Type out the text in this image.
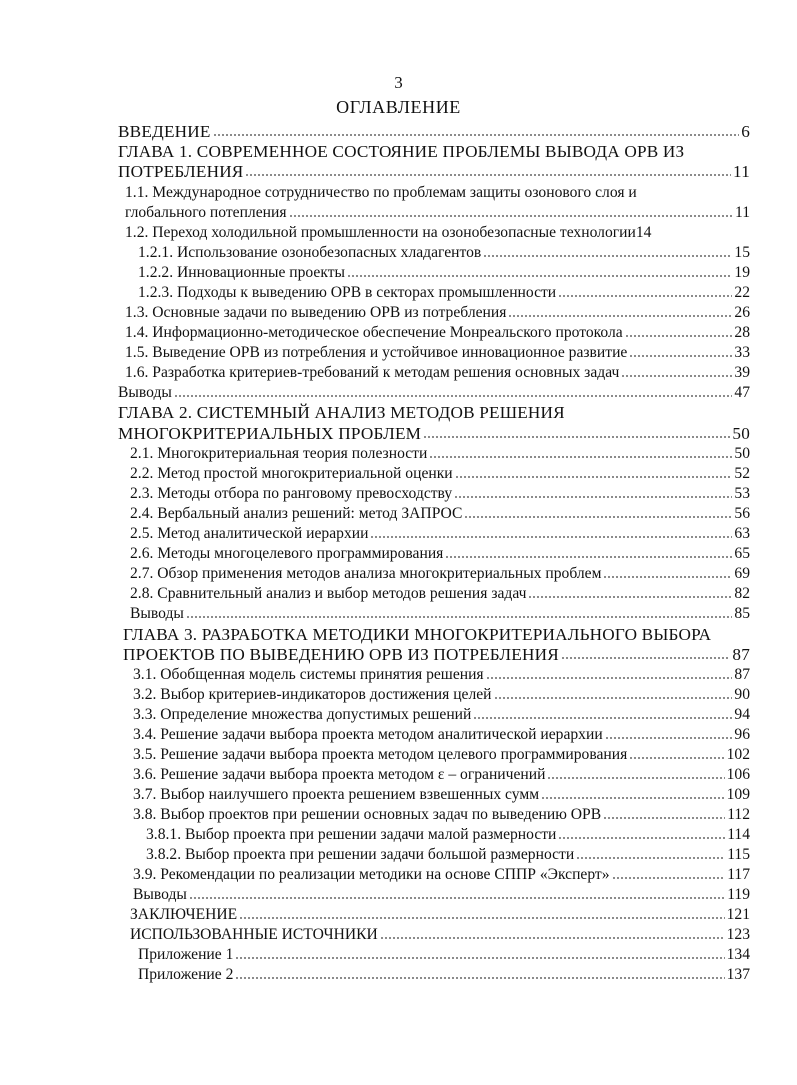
3
ОГЛАВЛЕНИЕ
ВВЕДЕНИЕ	6
ГЛАВА 1. СОВРЕМЕННОЕ СОСТОЯНИЕ ПРОБЛЕМЫ ВЫВОДА ОРВ ИЗ
ПОТРЕБЛЕНИЯ	11
1.1. Международное сотрудничество по проблемам защиты озонового слоя и
глобального потепления	11
1.2. Переход холодильной промышленности на озонобезопасные технологии 14
1.2.1. Использование озонобезопасных хладагентов	15
1.2.2. Инновационные проекты	19
1.2.3. Подходы к выведению ОРВ в секторах промышленности	22
1.3. Основные задачи по выведению ОРВ из потребления	26
1.4. Информационно-методическое обеспечение Монреальского протокола	28
1.5. Выведение ОРВ из потребления и устойчивое инновационное развитие	33
1.6. Разработка критериев-требований к методам решения основных задач	39
Выводы	47
ГЛАВА 2. СИСТЕМНЫЙ АНАЛИЗ МЕТОДОВ РЕШЕНИЯ
МНОГОКРИТЕРИАЛЬНЫХ ПРОБЛЕМ	50
2.1. Многокритериальная теория полезности	50
2.2. Метод простой многокритериальной оценки	52
2.3. Методы отбора по ранговому превосходству	53
2.4. Вербальный анализ решений: метод ЗАПРОС	56
2.5. Метод аналитической иерархии	63
2.6. Методы многоцелевого программирования	65
2.7. Обзор применения методов анализа многокритериальных проблем	69
2.8. Сравнительный анализ и выбор методов решения задач	82
Выводы	85
ГЛАВА 3. РАЗРАБОТКА МЕТОДИКИ МНОГОКРИТЕРИАЛЬНОГО ВЫБОРА
ПРОЕКТОВ ПО ВЫВЕДЕНИЮ ОРВ ИЗ ПОТРЕБЛЕНИЯ	87
3.1. Обобщенная модель системы принятия решения	87
3.2. Выбор критериев-индикаторов достижения целей	90
3.3. Определение множества допустимых решений	94
3.4. Решение задачи выбора проекта методом аналитической иерархии	96
3.5. Решение задачи выбора проекта методом целевого программирования	102
3.6. Решение задачи выбора проекта методом ε – ограничений	106
3.7. Выбор наилучшего проекта решением взвешенных сумм	109
3.8. Выбор проектов при решении основных задач по выведению ОРВ	112
3.8.1. Выбор проекта при решении задачи малой размерности	114
3.8.2. Выбор проекта при решении задачи большой размерности	115
3.9. Рекомендации по реализации методики на основе СППР «Эксперт»	117
Выводы	119
ЗАКЛЮЧЕНИЕ	121
ИСПОЛЬЗОВАННЫЕ ИСТОЧНИКИ	123
Приложение 1	134
Приложение 2	137
